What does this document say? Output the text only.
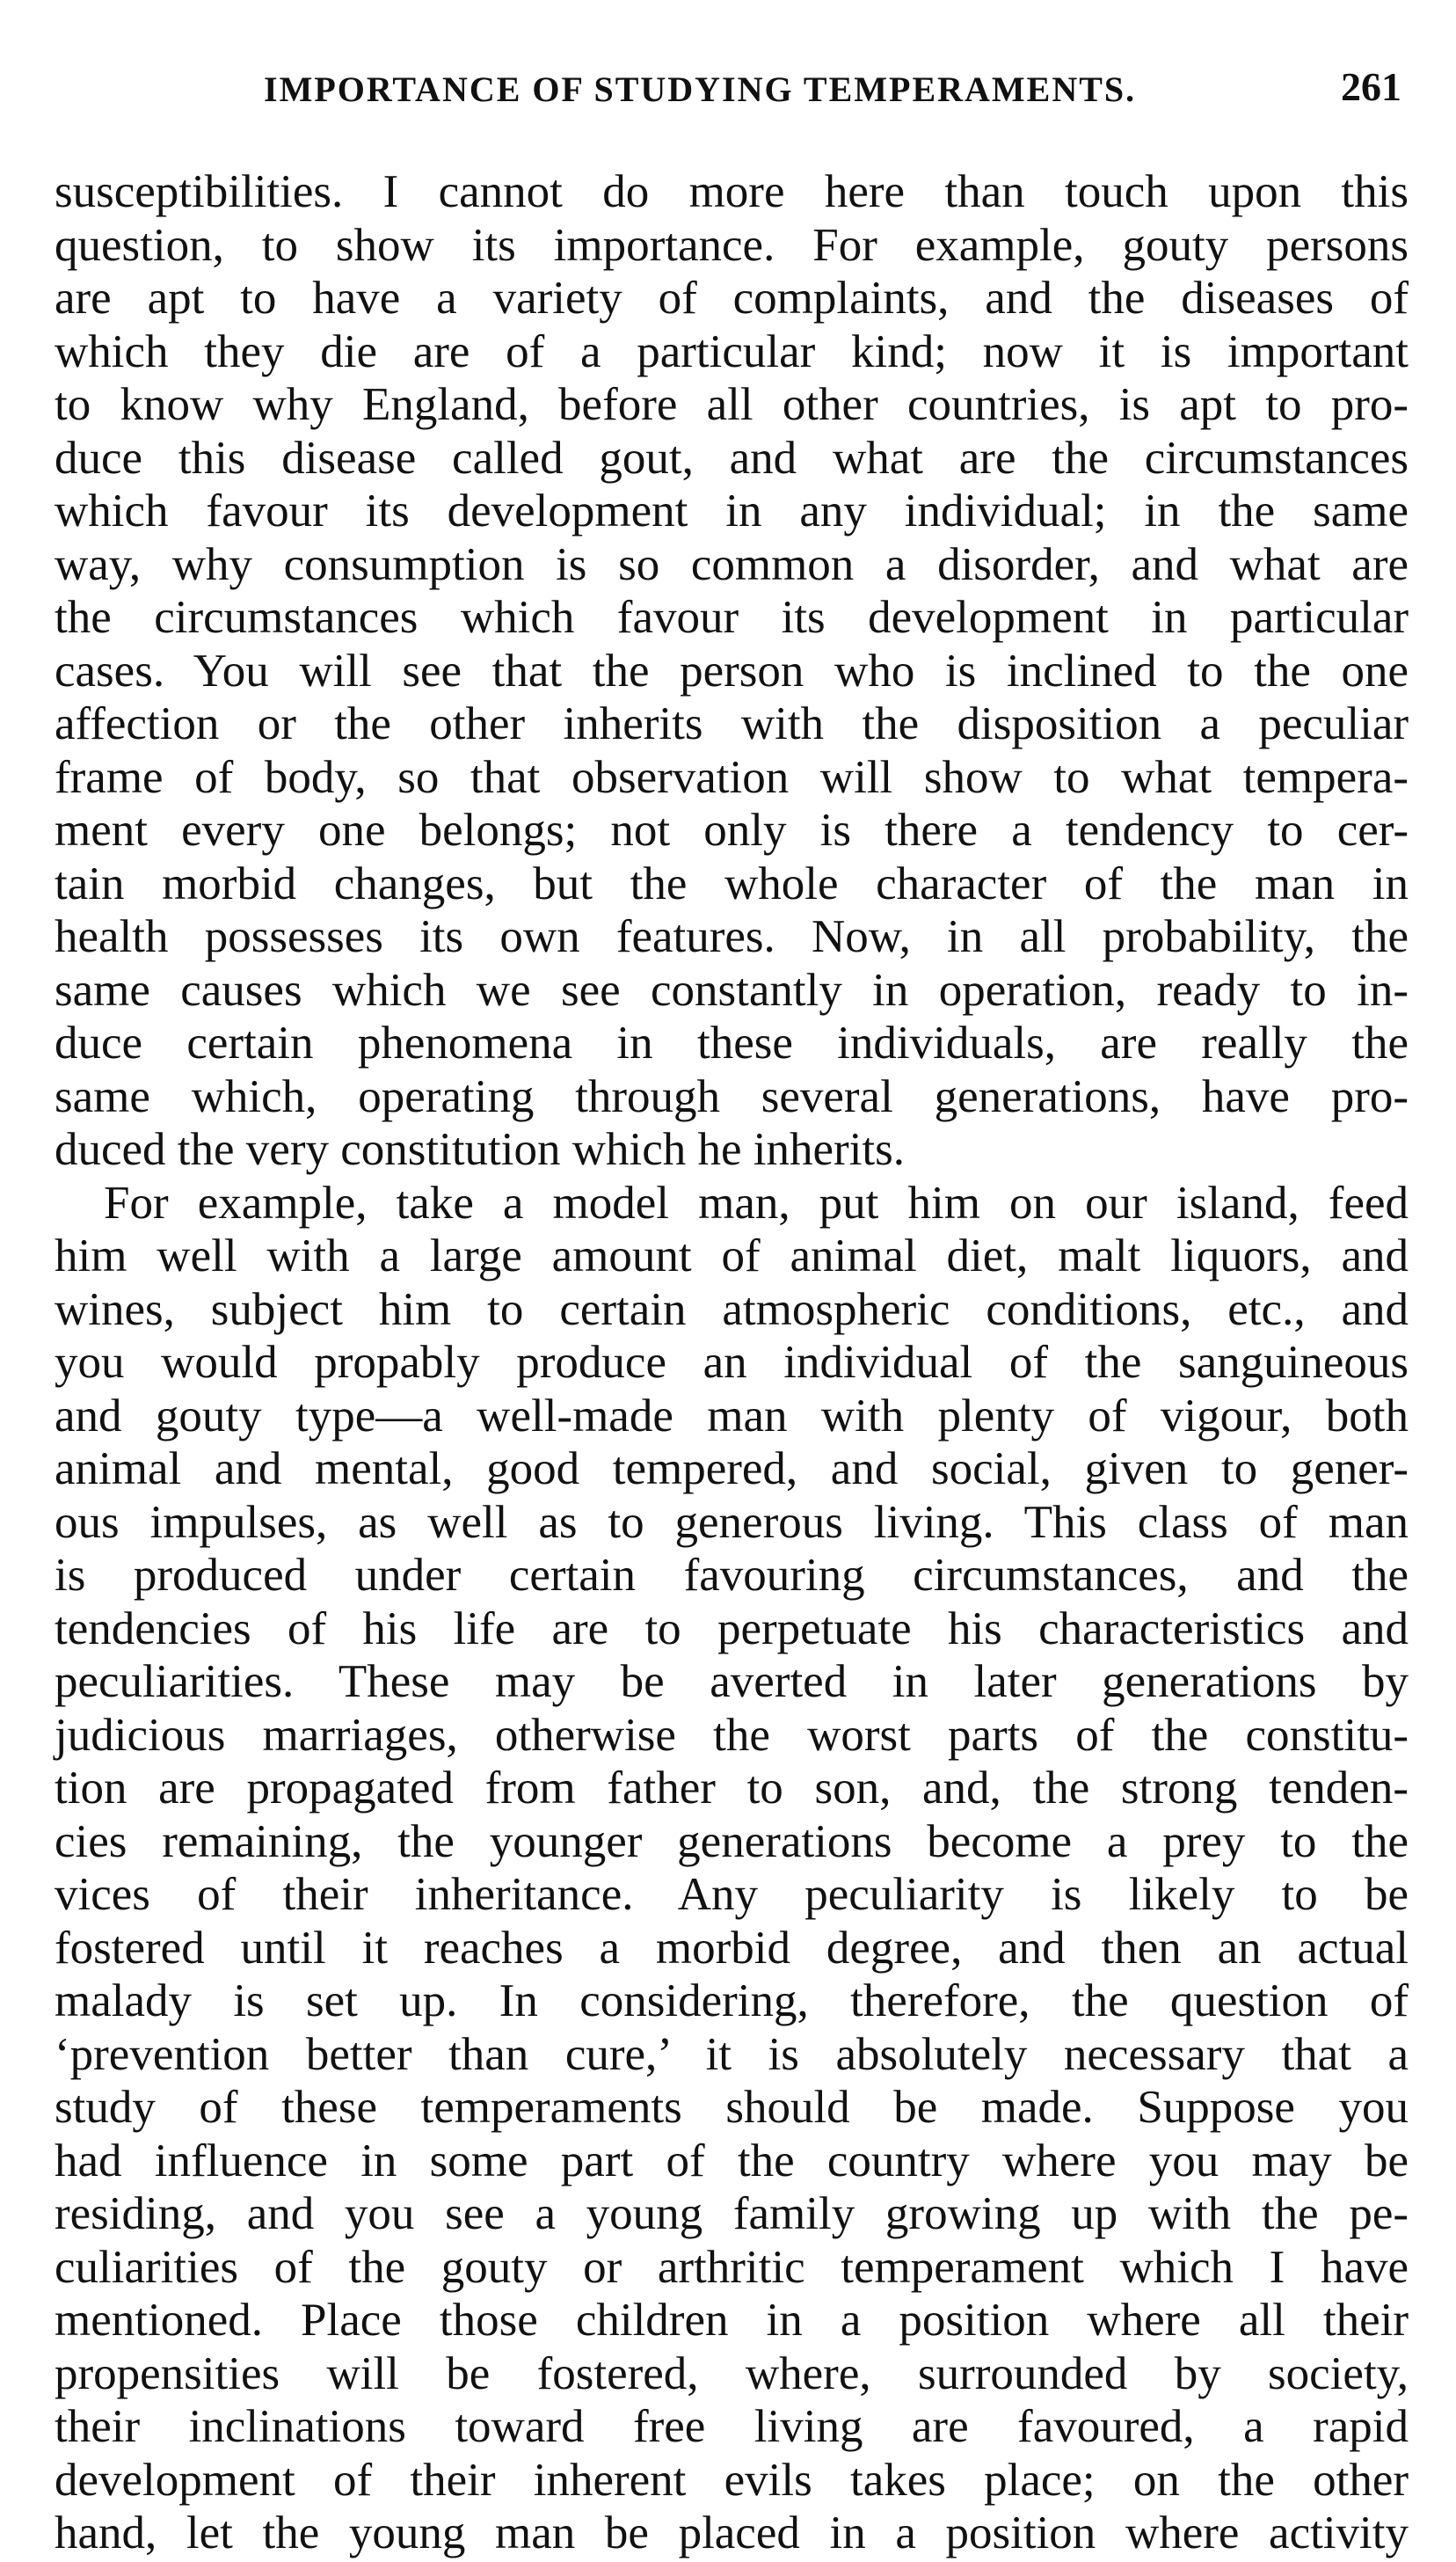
IMPORTANCE OF STUDYING TEMPERAMENTS.	261
susceptibilities. I cannot do more here than touch upon this
question, to show its importance. For example, gouty persons
are apt to have a variety of complaints, and the diseases of
which they die are of a particular kind; now it is important
to know why England, before all other countries, is apt to pro-
duce this disease called gout, and what are the circumstances
which favour its development in any individual; in the same
way, why consumption is so common a disorder, and what are
the circumstances which favour its development in particular
cases. You will see that the person who is inclined to the one
affection or the other inherits with the disposition a peculiar
frame of body, so that observation will show to what tempera-
ment every one belongs; not only is there a tendency to cer-
tain morbid changes, but the whole character of the man in
health possesses its own features. Now, in all probability, the
same causes which we see constantly in operation, ready to in-
duce certain phenomena in these individuals, are really the
same which, operating through several generations, have pro-
duced the very constitution which he inherits.
For example, take a model man, put him on our island, feed
him well with a large amount of animal diet, malt liquors, and
wines, subject him to certain atmospheric conditions, etc., and
you would propably produce an individual of the sanguineous
and gouty type—a well-made man with plenty of vigour, both
animal and mental, good tempered, and social, given to gener-
ous impulses, as well as to generous living. This class of man
is produced under certain favouring circumstances, and the
tendencies of his life are to perpetuate his characteristics and
peculiarities. These may be averted in later generations by
judicious marriages, otherwise the worst parts of the constitu-
tion are propagated from father to son, and, the strong tenden-
cies remaining, the younger generations become a prey to the
vices of their inheritance. Any peculiarity is likely to be
fostered until it reaches a morbid degree, and then an actual
malady is set up. In considering, therefore, the question of
‘prevention better than cure,’ it is absolutely necessary that a
study of these temperaments should be made. Suppose you
had influence in some part of the country where you may be
residing, and you see a young family growing up with the pe-
culiarities of the gouty or arthritic temperament which I have
mentioned. Place those children in a position where all their
propensities will be fostered, where, surrounded by society,
their inclinations toward free living are favoured, a rapid
development of their inherent evils takes place; on the other
hand, let the young man be placed in a position where activity
